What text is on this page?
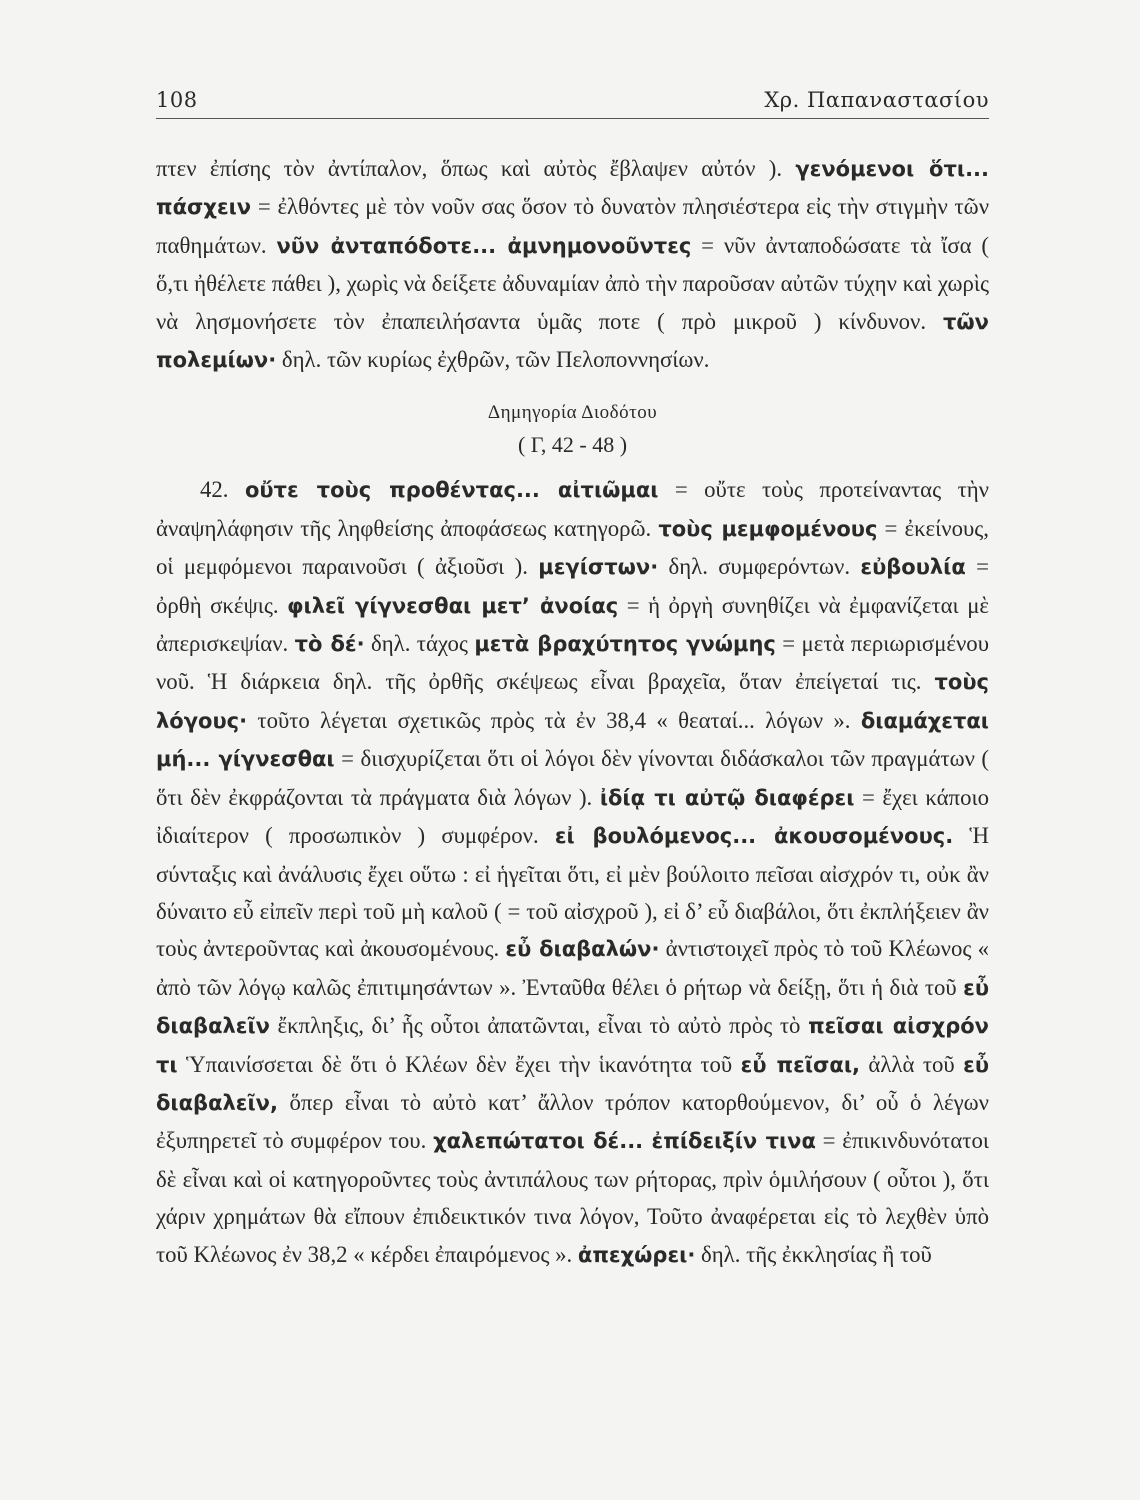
108	Χρ. Παπαναστασίου

πτεν ἐπίσης τὸν ἀντίπαλον, ὅπως καὶ αὐτὸς ἔβλαψεν αὐτόν ). γενόμενοι ὅτι... πάσχειν = ἐλθόντες μὲ τὸν νοῦν σας ὅσον τὸ δυνατὸν πλησιέστερα εἰς τὴν στιγμὴν τῶν παθημάτων. νῦν ἀνταπόδοτε... ἀμνημονοῦντες = νῦν ἀνταποδώσατε τὰ ἴσα ( ὅ,τι ἠθέλετε πάθει ), χωρὶς νὰ δείξετε ἀδυναμίαν ἀπὸ τὴν παροῦσαν αὐτῶν τύχην καὶ χωρὶς νὰ λησμονήσετε τὸν ἐπαπειλήσαντα ὑμᾶς ποτε ( πρὸ μικροῦ ) κίνδυνον. τῶν πολεμίων· δηλ. τῶν κυρίως ἐχθρῶν, τῶν Πελοποννησίων.

Δημηγορία Διοδότου
( Γ, 42 - 48 )

42. οὔτε τοὺς προθέντας... αἰτιῶμαι = οὔτε τοὺς προτείναντας τὴν ἀναψηλάφησιν τῆς ληφθείσης ἀποφάσεως κατηγορῶ. τοὺς μεμφομένους = ἐκείνους, οἱ μεμφόμενοι παραινοῦσι ( ἀξιοῦσι ). μεγίστων· δηλ. συμφερόντων. εὐβουλία = ὀρθὴ σκέψις. φιλεῖ γίγνεσθαι μετ’ ἀνοίας = ἡ ὀργὴ συνηθίζει νὰ ἐμφανίζεται μὲ ἀπερισκεψίαν. τὸ δέ· δηλ. τάχος μετὰ βραχύτητος γνώμης = μετὰ περιωρισμένου νοῦ. Ἡ διάρκεια δηλ. τῆς ὀρθῆς σκέψεως εἶναι βραχεῖα, ὅταν ἐπείγεταί τις. τοὺς λόγους· τοῦτο λέγεται σχετικῶς πρὸς τὰ ἐν 38,4 « θεαταί... λόγων ». διαμάχεται μή... γίγνεσθαι = διισχυρίζεται ὅτι οἱ λόγοι δὲν γίνονται διδάσκαλοι τῶν πραγμάτων ( ὅτι δὲν ἐκφράζονται τὰ πράγματα διὰ λόγων ). ἰδίᾳ τι αὐτῷ διαφέρει = ἔχει κάποιο ἰδιαίτερον ( προσωπικὸν ) συμφέρον. εἰ βουλόμενος... ἀκουσομένους. Ἡ σύνταξις καὶ ἀνάλυσις ἔχει οὕτω : εἰ ἡγεῖται ὅτι, εἰ μὲν βούλοιτο πεῖσαι αἰσχρόν τι, οὐκ ἂν δύναιτο εὖ εἰπεῖν περὶ τοῦ μὴ καλοῦ ( = τοῦ αἰσχροῦ ), εἰ δ’ εὖ διαβάλοι, ὅτι ἐκπλήξειεν ἂν τοὺς ἀντεροῦντας καὶ ἀκουσομένους. εὖ διαβαλών· ἀντιστοιχεῖ πρὸς τὸ τοῦ Κλέωνος « ἀπὸ τῶν λόγῳ καλῶς ἐπιτιμησάντων ». Ἐνταῦθα θέλει ὁ ρήτωρ νὰ δείξῃ, ὅτι ἡ διὰ τοῦ εὖ διαβαλεῖν ἔκπληξις, δι’ ἧς οὗτοι ἀπατῶνται, εἶναι τὸ αὐτὸ πρὸς τὸ πεῖσαι αἰσχρόν τι Ὑπαινίσσεται δὲ ὅτι ὁ Κλέων δὲν ἔχει τὴν ἱκανότητα τοῦ εὖ πεῖσαι, ἀλλὰ τοῦ εὖ διαβαλεῖν, ὅπερ εἶναι τὸ αὐτὸ κατ’ ἄλλον τρόπον κατορθούμενον, δι’ οὗ ὁ λέγων ἐξυπηρετεῖ τὸ συμφέρον του. χαλεπώτατοι δέ... ἐπίδειξίν τινα = ἐπικινδυνότατοι δὲ εἶναι καὶ οἱ κατηγοροῦντες τοὺς ἀντιπάλους των ρήτορας, πρὶν ὁμιλήσουν ( οὗτοι ), ὅτι χάριν χρημάτων θὰ εἴπουν ἐπιδεικτικόν τινα λόγον, Τοῦτο ἀναφέρεται εἰς τὸ λεχθὲν ὑπὸ τοῦ Κλέωνος ἐν 38,2 « κέρδει ἐπαιρόμενος ». ἀπεχώρει· δηλ. τῆς ἐκκλησίας ἢ τοῦ
